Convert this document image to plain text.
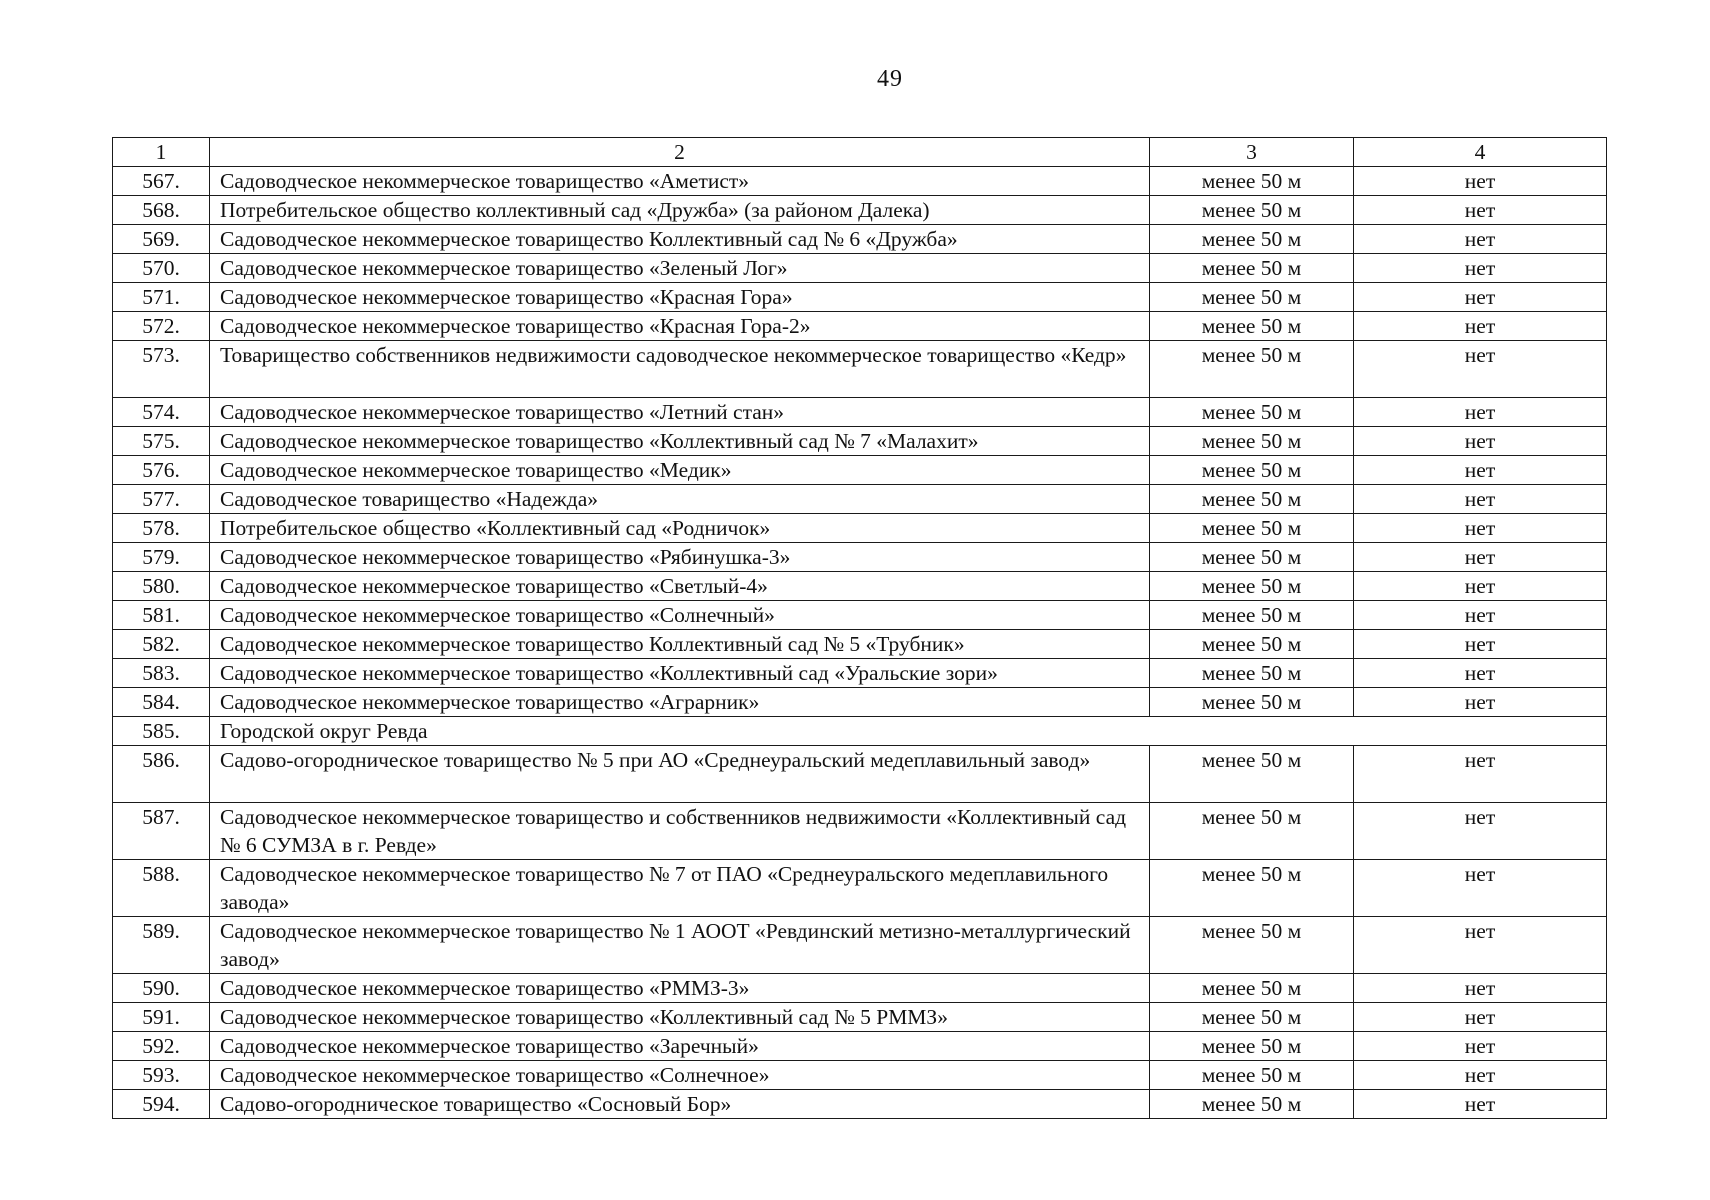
49
1	2	3	4
567.	Садоводческое некоммерческое товарищество «Аметист»	менее 50 м	нет
568.	Потребительское общество коллективный сад «Дружба» (за районом Далека)	менее 50 м	нет
569.	Садоводческое некоммерческое товарищество Коллективный сад № 6 «Дружба»	менее 50 м	нет
570.	Садоводческое некоммерческое товарищество «Зеленый Лог»	менее 50 м	нет
571.	Садоводческое некоммерческое товарищество «Красная Гора»	менее 50 м	нет
572.	Садоводческое некоммерческое товарищество «Красная Гора-2»	менее 50 м	нет
573.	Товарищество собственников недвижимости садоводческое некоммерческое товарищество «Кедр»	менее 50 м	нет
574.	Садоводческое некоммерческое товарищество «Летний стан»	менее 50 м	нет
575.	Садоводческое некоммерческое товарищество «Коллективный сад № 7 «Малахит»	менее 50 м	нет
576.	Садоводческое некоммерческое товарищество «Медик»	менее 50 м	нет
577.	Садоводческое товарищество «Надежда»	менее 50 м	нет
578.	Потребительское общество «Коллективный сад «Родничок»	менее 50 м	нет
579.	Садоводческое некоммерческое товарищество «Рябинушка-3»	менее 50 м	нет
580.	Садоводческое некоммерческое товарищество «Светлый-4»	менее 50 м	нет
581.	Садоводческое некоммерческое товарищество «Солнечный»	менее 50 м	нет
582.	Садоводческое некоммерческое товарищество Коллективный сад № 5 «Трубник»	менее 50 м	нет
583.	Садоводческое некоммерческое товарищество «Коллективный сад «Уральские зори»	менее 50 м	нет
584.	Садоводческое некоммерческое товарищество «Аграрник»	менее 50 м	нет
585.	Городской округ Ревда		
586.	Садово-огородническое товарищество № 5 при АО «Среднеуральский медеплавильный завод»	менее 50 м	нет
587.	Садоводческое некоммерческое товарищество и собственников недвижимости «Коллективный сад № 6 СУМЗА в г. Ревде»	менее 50 м	нет
588.	Садоводческое некоммерческое товарищество № 7 от ПАО «Среднеуральского медеплавильного завода»	менее 50 м	нет
589.	Садоводческое некоммерческое товарищество № 1 АООТ «Ревдинский метизно-металлургический завод»	менее 50 м	нет
590.	Садоводческое некоммерческое товарищество «РММЗ-3»	менее 50 м	нет
591.	Садоводческое некоммерческое товарищество «Коллективный сад № 5 РММЗ»	менее 50 м	нет
592.	Садоводческое некоммерческое товарищество «Заречный»	менее 50 м	нет
593.	Садоводческое некоммерческое товарищество «Солнечное»	менее 50 м	нет
594.	Садово-огородническое товарищество «Сосновый Бор»	менее 50 м	нет
